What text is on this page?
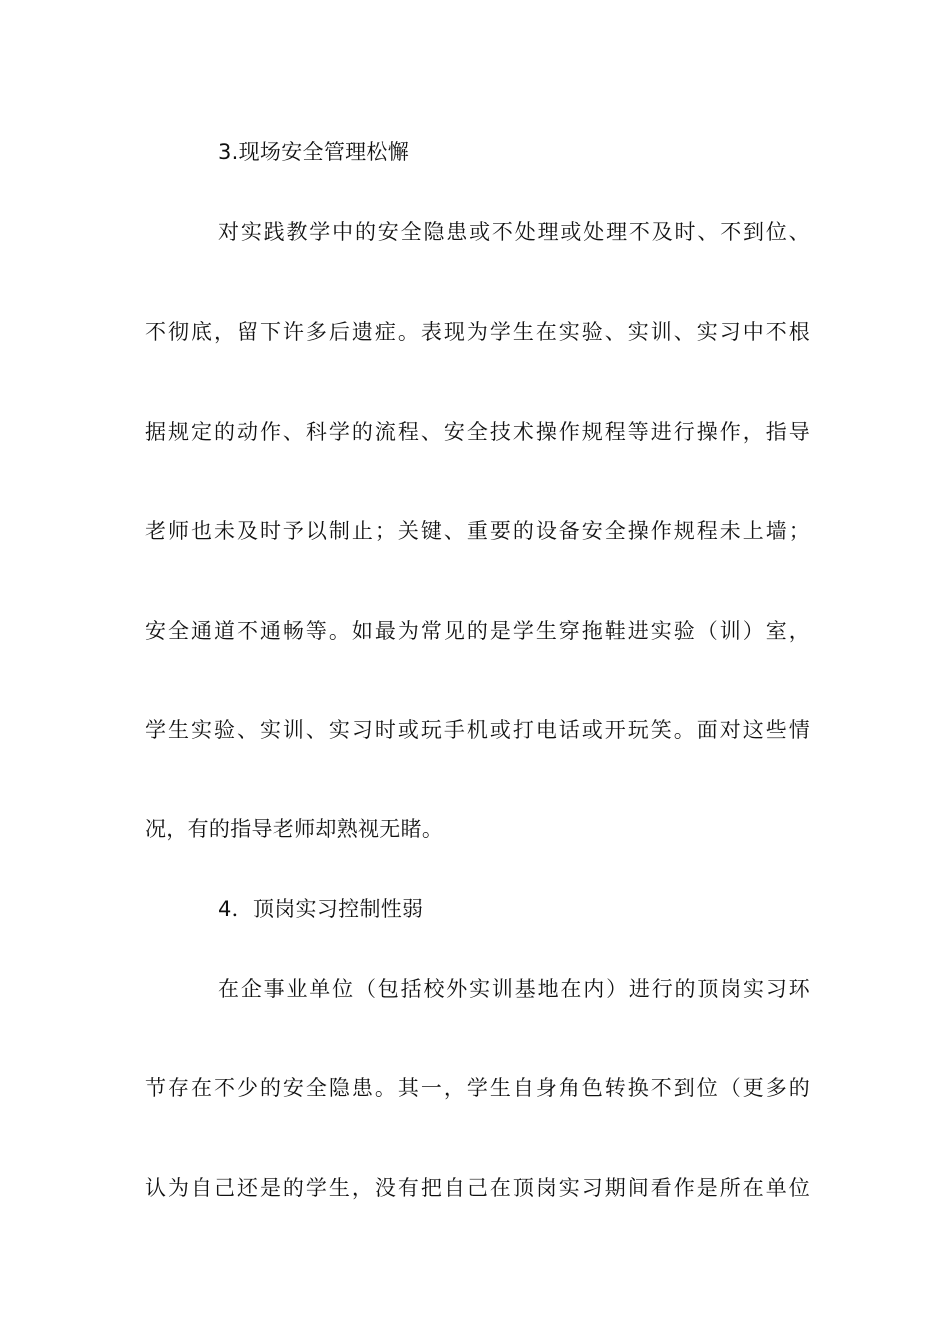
3.现场安全管理松懈
对实践教学中的安全隐患或不处理或处理不及时、不到位、
不彻底，留下许多后遗症。表现为学生在实验、实训、实习中不根
据规定的动作、科学的流程、安全技术操作规程等进行操作，指导
老师也未及时予以制止；关键、重要的设备安全操作规程未上墙；
安全通道不通畅等。如最为常见的是学生穿拖鞋进实验（训）室，
学生实验、实训、实习时或玩手机或打电话或开玩笑。面对这些情
况，有的指导老师却熟视无睹。
4．顶岗实习控制性弱
在企事业单位（包括校外实训基地在内）进行的顶岗实习环
节存在不少的安全隐患。其一，学生自身角色转换不到位（更多的
认为自己还是的学生，没有把自己在顶岗实习期间看作是所在单位
